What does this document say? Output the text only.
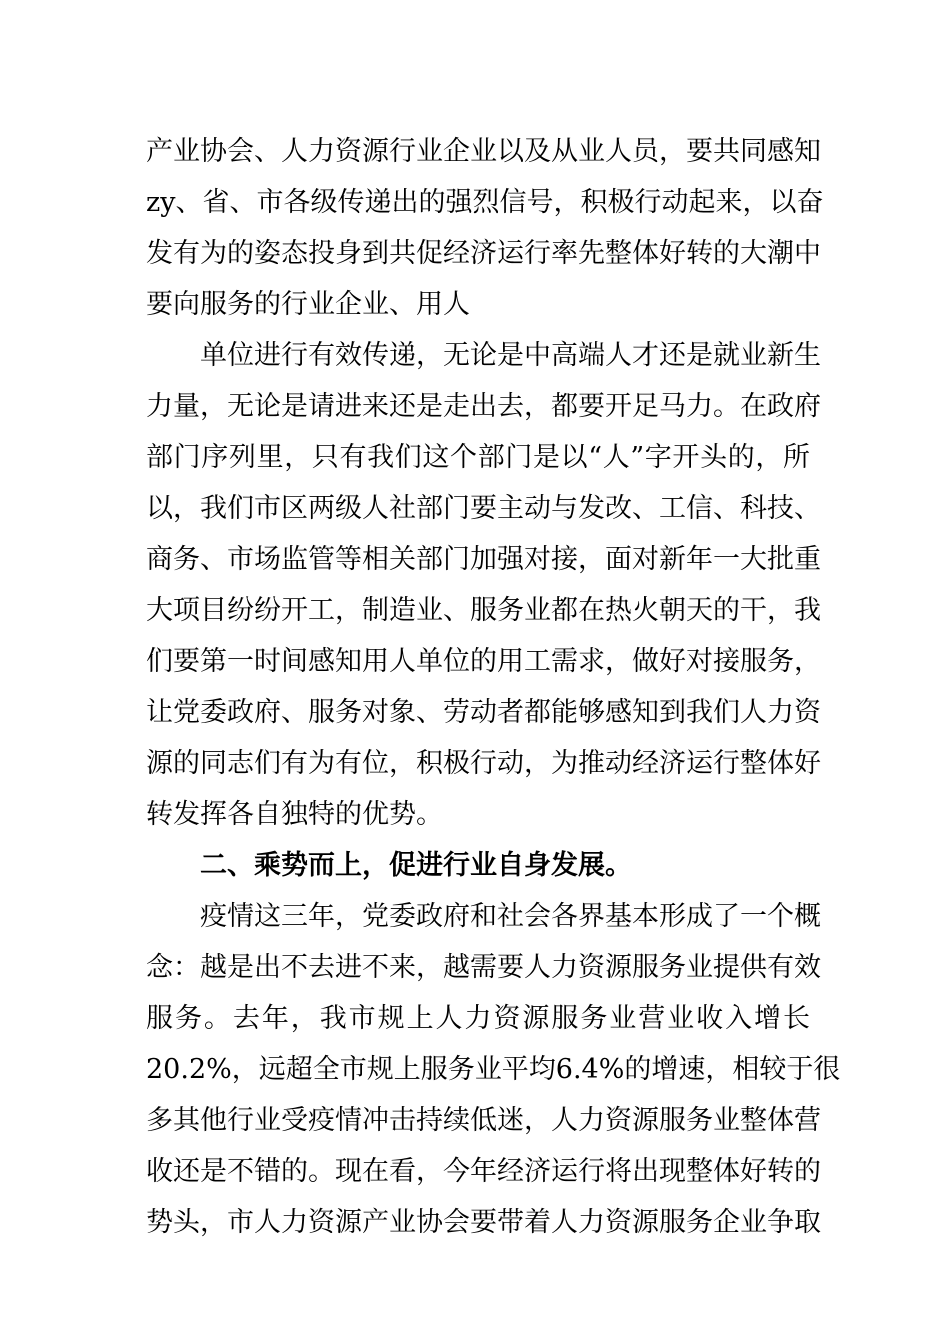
产业协会、人力资源行业企业以及从业人员，要共同感知
zy、省、市各级传递出的强烈信号，积极行动起来，以奋
发有为的姿态投身到共促经济运行率先整体好转的大潮中
要向服务的行业企业、用人
单位进行有效传递，无论是中高端人才还是就业新生
力量，无论是请进来还是走出去，都要开足马力。在政府
部门序列里，只有我们这个部门是以“人”字开头的，所
以，我们市区两级人社部门要主动与发改、工信、科技、
商务、市场监管等相关部门加强对接，面对新年一大批重
大项目纷纷开工，制造业、服务业都在热火朝天的干，我
们要第一时间感知用人单位的用工需求，做好对接服务，
让党委政府、服务对象、劳动者都能够感知到我们人力资
源的同志们有为有位，积极行动，为推动经济运行整体好
转发挥各自独特的优势。
二、乘势而上，促进行业自身发展。
疫情这三年，党委政府和社会各界基本形成了一个概
念：越是出不去进不来，越需要人力资源服务业提供有效
服务。去年，我市规上人力资源服务业营业收入增长
20.2%，远超全市规上服务业平均6.4%的增速，相较于很
多其他行业受疫情冲击持续低迷，人力资源服务业整体营
收还是不错的。现在看，今年经济运行将出现整体好转的
势头，市人力资源产业协会要带着人力资源服务企业争取
